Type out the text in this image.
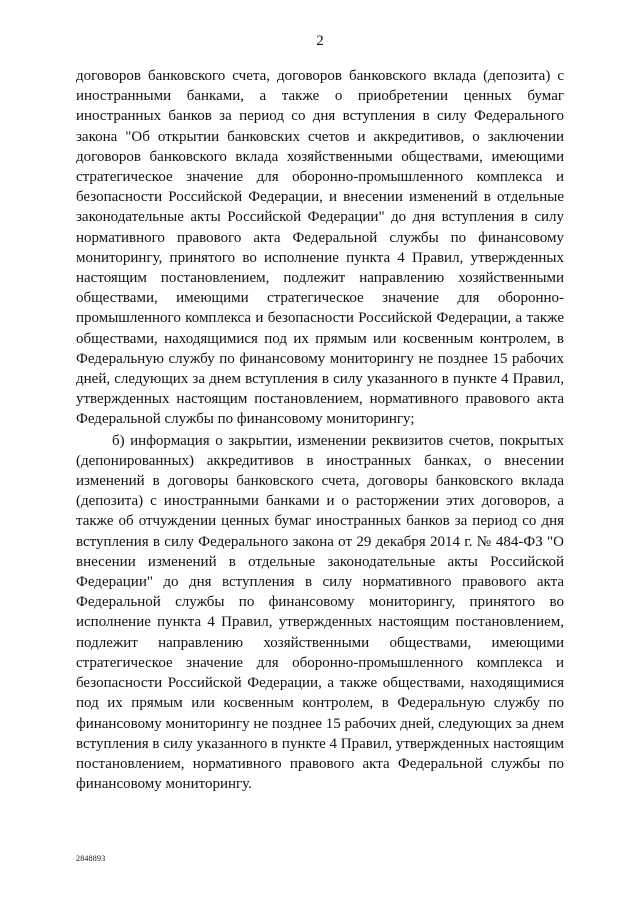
2

договоров банковского счета, договоров банковского вклада (депозита) с иностранными банками, а также о приобретении ценных бумаг иностранных банков за период со дня вступления в силу Федерального закона "Об открытии банковских счетов и аккредитивов, о заключении договоров банковского вклада хозяйственными обществами, имеющими стратегическое значение для оборонно-промышленного комплекса и безопасности Российской Федерации, и внесении изменений в отдельные законодательные акты Российской Федерации" до дня вступления в силу нормативного правового акта Федеральной службы по финансовому мониторингу, принятого во исполнение пункта 4 Правил, утвержденных настоящим постановлением, подлежит направлению хозяйственными обществами, имеющими стратегическое значение для оборонно-промышленного комплекса и безопасности Российской Федерации, а также обществами, находящимися под их прямым или косвенным контролем, в Федеральную службу по финансовому мониторингу не позднее 15 рабочих дней, следующих за днем вступления в силу указанного в пункте 4 Правил, утвержденных настоящим постановлением, нормативного правового акта Федеральной службы по финансовому мониторингу;

б) информация о закрытии, изменении реквизитов счетов, покрытых (депонированных) аккредитивов в иностранных банках, о внесении изменений в договоры банковского счета, договоры банковского вклада (депозита) с иностранными банками и о расторжении этих договоров, а также об отчуждении ценных бумаг иностранных банков за период со дня вступления в силу Федерального закона от 29 декабря 2014 г. № 484-ФЗ "О внесении изменений в отдельные законодательные акты Российской Федерации" до дня вступления в силу нормативного правового акта Федеральной службы по финансовому мониторингу, принятого во исполнение пункта 4 Правил, утвержденных настоящим постановлением, подлежит направлению хозяйственными обществами, имеющими стратегическое значение для оборонно-промышленного комплекса и безопасности Российской Федерации, а также обществами, находящимися под их прямым или косвенным контролем, в Федеральную службу по финансовому мониторингу не позднее 15 рабочих дней, следующих за днем вступления в силу указанного в пункте 4 Правил, утвержденных настоящим постановлением, нормативного правового акта Федеральной службы по финансовому мониторингу.

2848893
